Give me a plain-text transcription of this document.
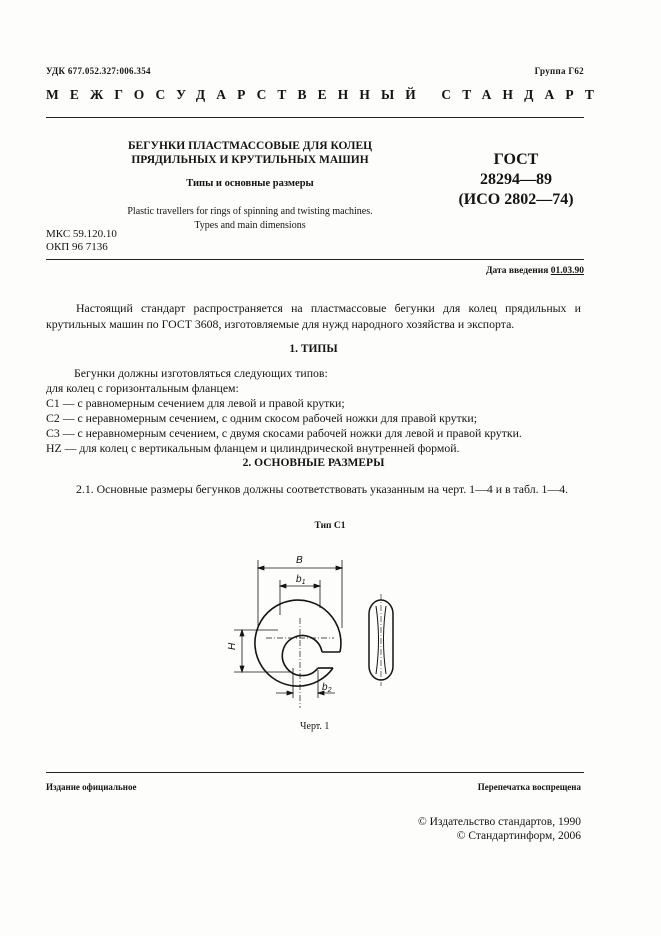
УДК 677.052.327:006.354	Группа Г62
МЕЖГОСУДАРСТВЕННЫЙ СТАНДАРТ
БЕГУНКИ ПЛАСТМАССОВЫЕ ДЛЯ КОЛЕЦ
ПРЯДИЛЬНЫХ И КРУТИЛЬНЫХ МАШИН
Типы и основные размеры
Plastic travellers for rings of spinning and twisting machines.
Types and main dimensions
ГОСТ
28294—89
(ИСО 2802—74)
МКС 59.120.10
ОКП 96 7136
Дата введения 01.03.90
Настоящий стандарт распространяется на пластмассовые бегунки для колец прядильных и крутильных машин по ГОСТ 3608, изготовляемые для нужд народного хозяйства и экспорта.
1. ТИПЫ
Бегунки должны изготовляться следующих типов:
для колец с горизонтальным фланцем:
C1 — с равномерным сечением для левой и правой крутки;
C2 — с неравномерным сечением, с одним скосом рабочей ножки для правой крутки;
C3 — с неравномерным сечением, с двумя скосами рабочей ножки для левой и правой крутки.
HZ — для колец с вертикальным фланцем и цилиндрической внутренней формой.
2. ОСНОВНЫЕ РАЗМЕРЫ
2.1. Основные размеры бегунков должны соответствовать указанным на черт. 1—4 и в табл. 1—4.
Тип C1
B
$b_1$
H
$b_2$
Черт. 1
Издание официальное	Перепечатка воспрещена
© Издательство стандартов, 1990
© Стандартинформ, 2006
